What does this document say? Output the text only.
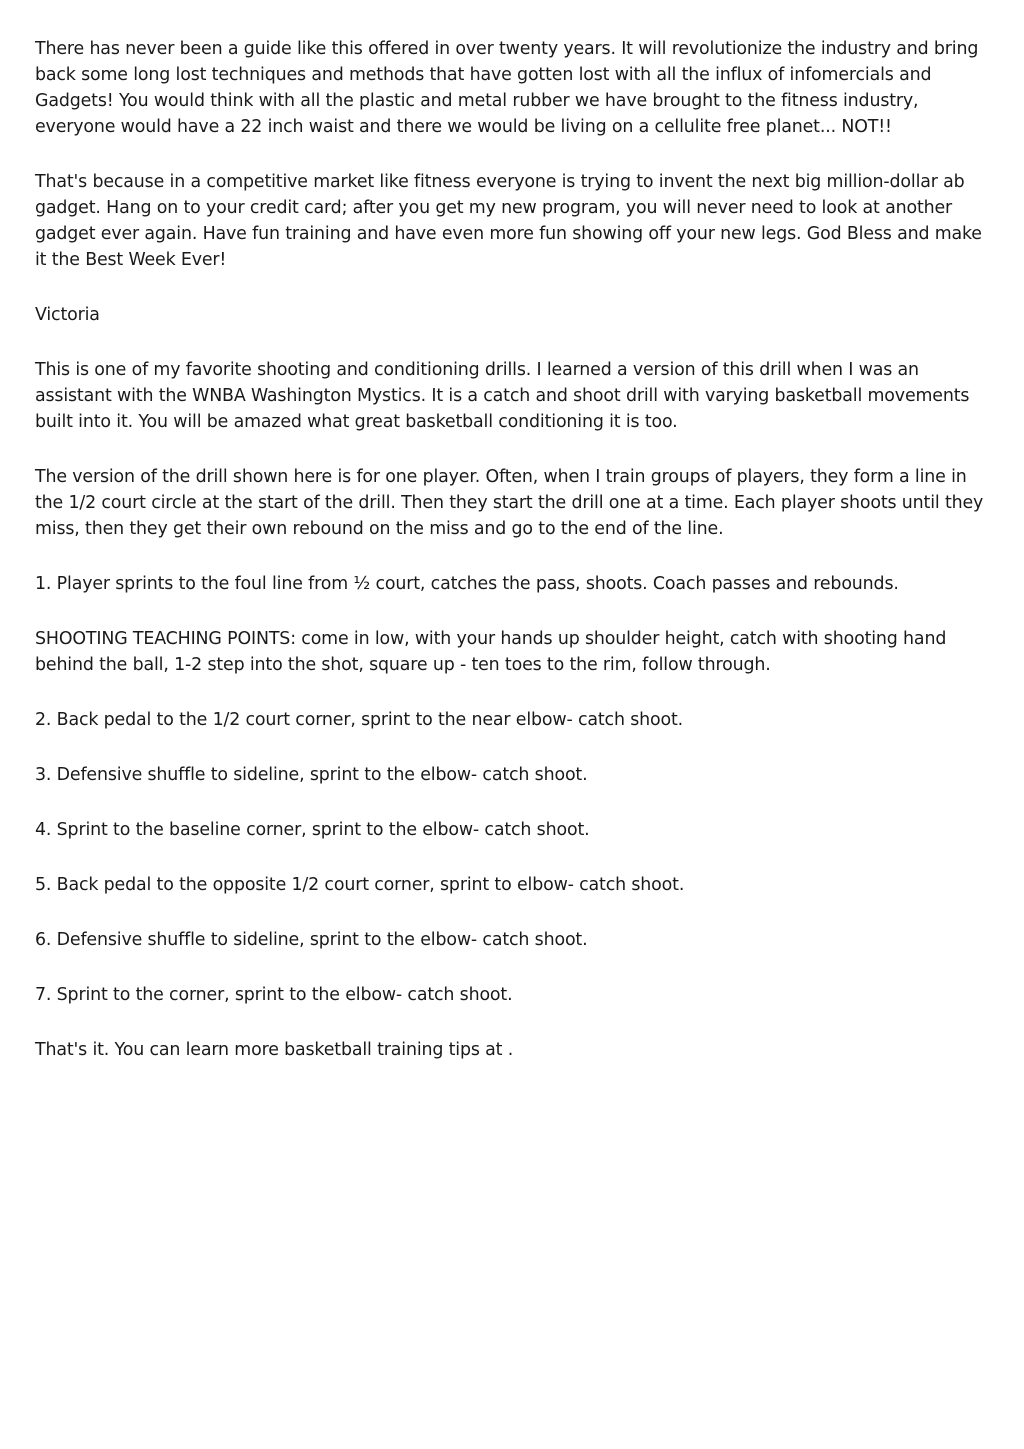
There has never been a guide like this offered in over twenty years. It will revolutionize the industry and bring back some long lost techniques and methods that have gotten lost with all the influx of infomercials and Gadgets! You would think with all the plastic and metal rubber we have brought to the fitness industry, everyone would have a 22 inch waist and there we would be living on a cellulite free planet... NOT!!

That's because in a competitive market like fitness everyone is trying to invent the next big million-dollar ab gadget. Hang on to your credit card; after you get my new program, you will never need to look at another gadget ever again. Have fun training and have even more fun showing off your new legs. God Bless and make it the Best Week Ever!

Victoria

This is one of my favorite shooting and conditioning drills. I learned a version of this drill when I was an assistant with the WNBA Washington Mystics. It is a catch and shoot drill with varying basketball movements built into it. You will be amazed what great basketball conditioning it is too.

The version of the drill shown here is for one player. Often, when I train groups of players, they form a line in the 1/2 court circle at the start of the drill. Then they start the drill one at a time. Each player shoots until they miss, then they get their own rebound on the miss and go to the end of the line.

1. Player sprints to the foul line from ½ court, catches the pass, shoots. Coach passes and rebounds.

SHOOTING TEACHING POINTS: come in low, with your hands up shoulder height, catch with shooting hand behind the ball, 1-2 step into the shot, square up - ten toes to the rim, follow through.

2. Back pedal to the 1/2 court corner, sprint to the near elbow- catch shoot.

3. Defensive shuffle to sideline, sprint to the elbow- catch shoot.

4. Sprint to the baseline corner, sprint to the elbow- catch shoot.

5. Back pedal to the opposite 1/2 court corner, sprint to elbow- catch shoot.

6. Defensive shuffle to sideline, sprint to the elbow- catch shoot.

7. Sprint to the corner, sprint to the elbow- catch shoot.

That's it. You can learn more basketball training tips at .
